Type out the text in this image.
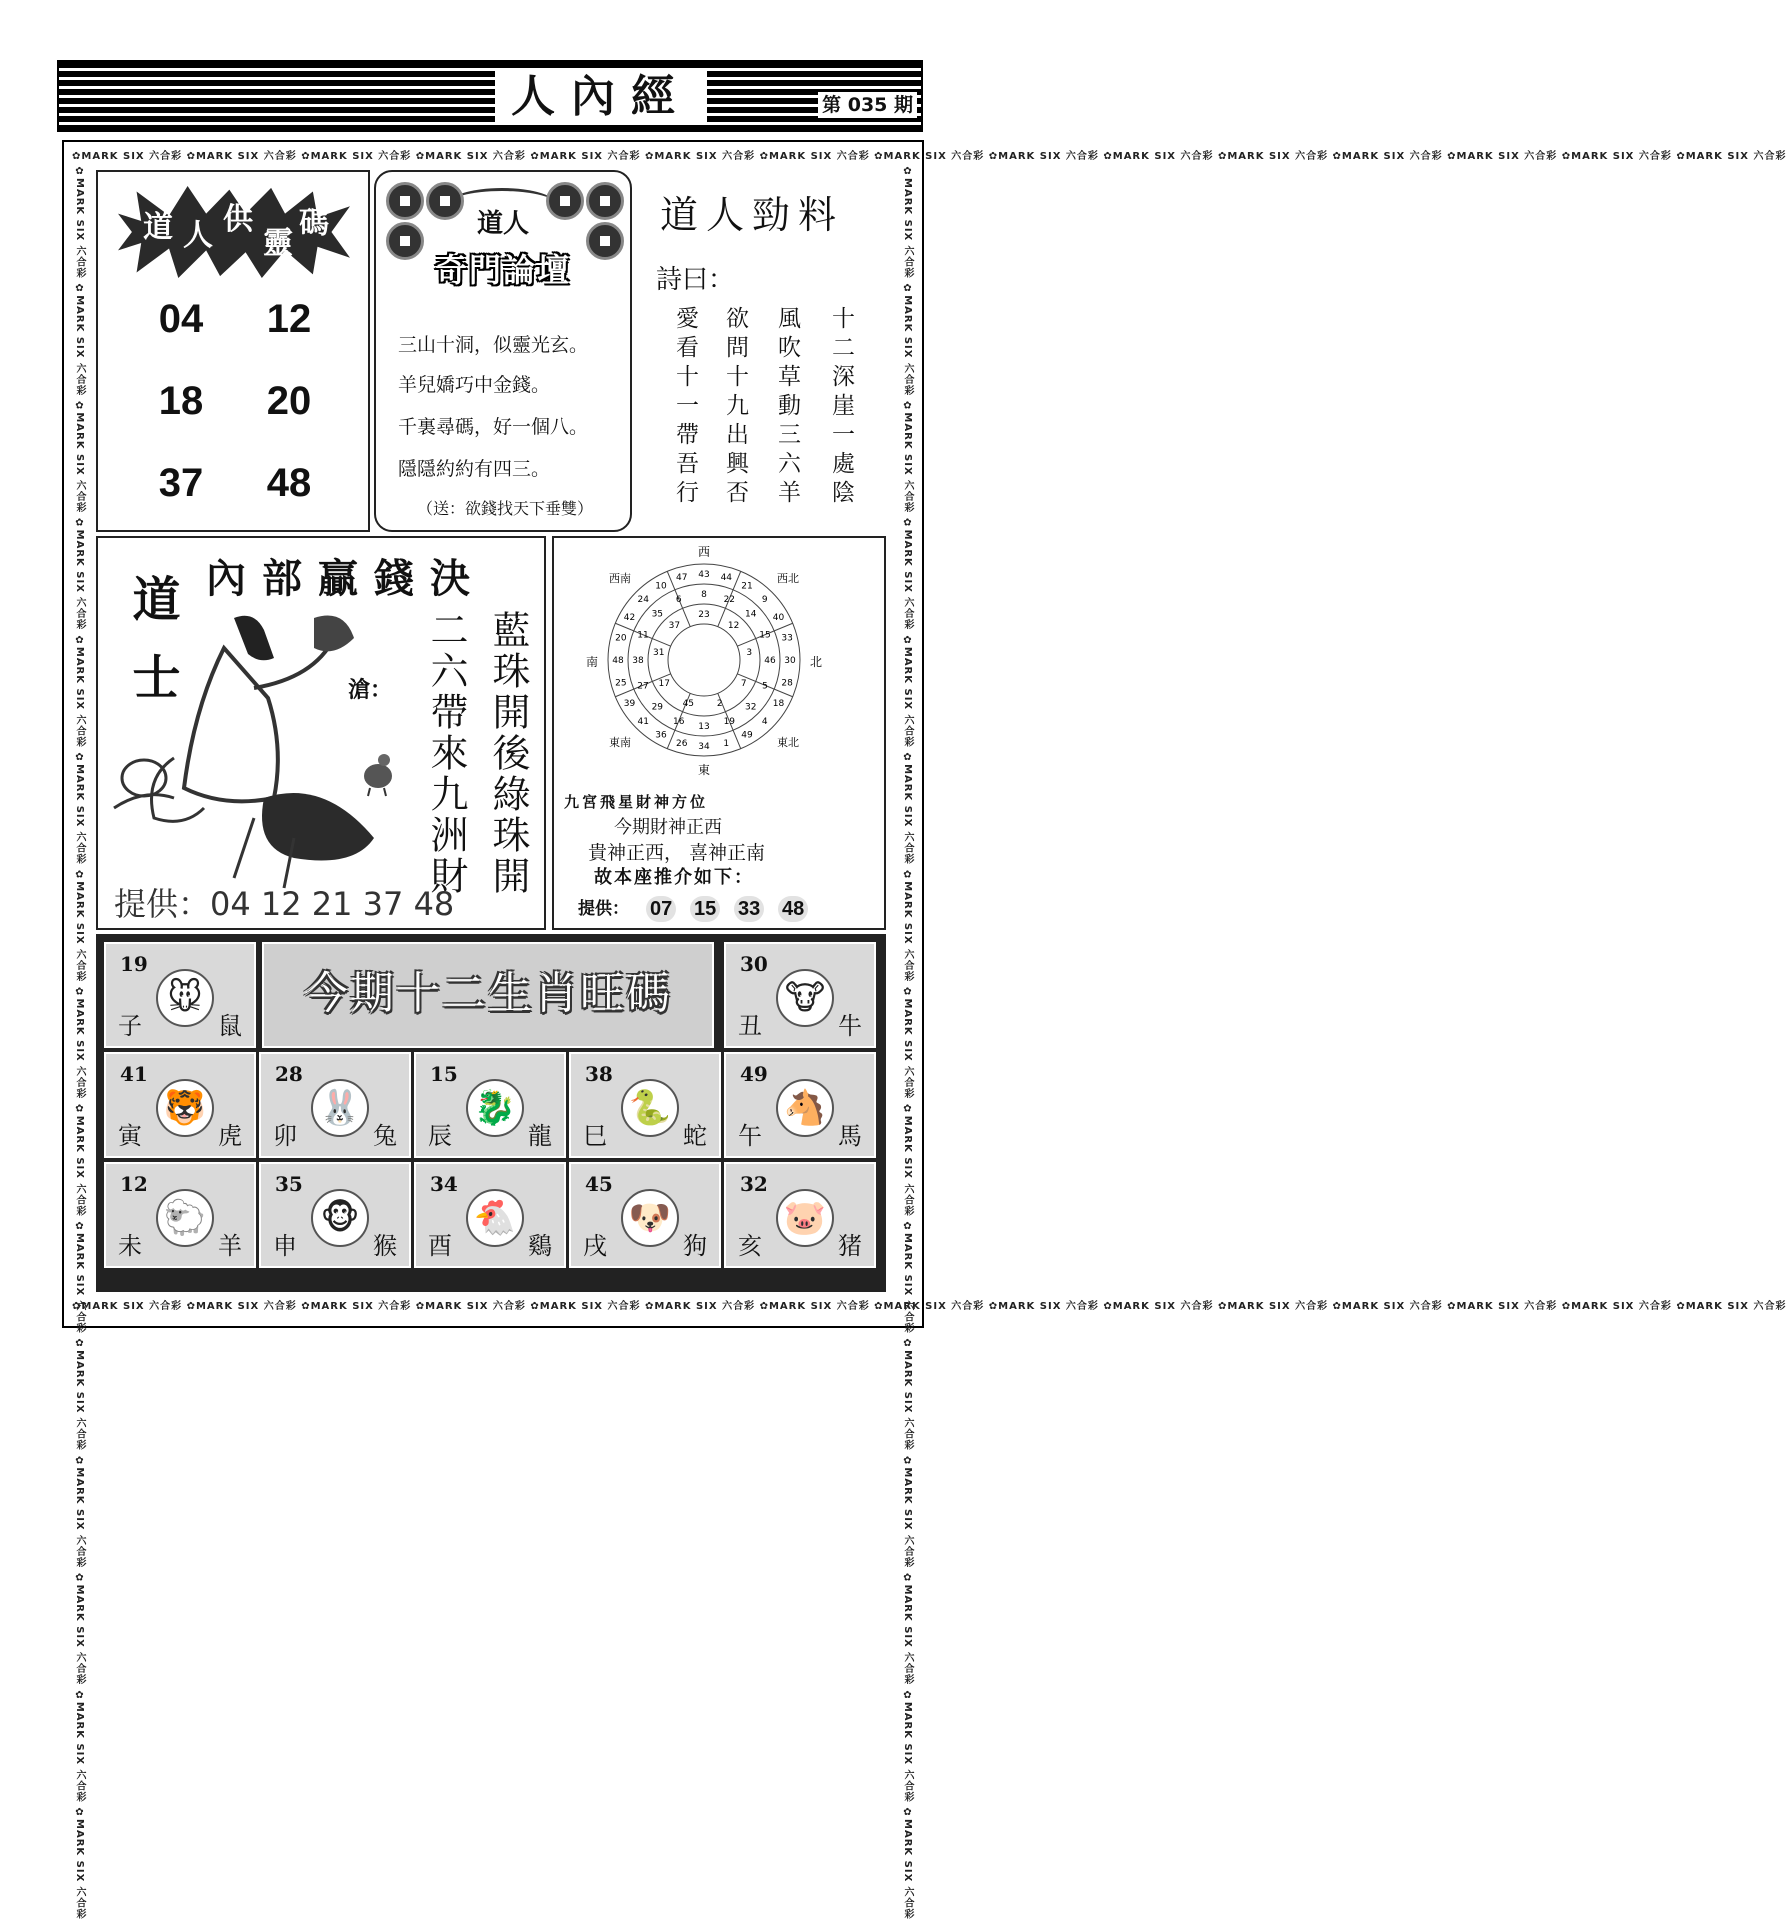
人內經	第 035 期
✿MARK SIX 六合彩 ✿MARK SIX 六合彩 ✿MARK SIX 六合彩 ✿MARK SIX 六合彩 ✿MARK SIX 六合彩 ✿MARK SIX 六合彩 ✿MARK SIX 六合彩 ✿MARK SIX 六合彩 ✿MARK SIX 六合彩 ✿MARK SIX 六合彩 ✿MARK SIX 六合彩 ✿MARK SIX 六合彩 ✿MARK SIX 六合彩 ✿MARK SIX 六合彩 ✿MARK SIX 六合彩
✿MARK SIX 六合彩 ✿MARK SIX 六合彩 ✿MARK SIX 六合彩 ✿MARK SIX 六合彩 ✿MARK SIX 六合彩 ✿MARK SIX 六合彩 ✿MARK SIX 六合彩 ✿MARK SIX 六合彩 ✿MARK SIX 六合彩 ✿MARK SIX 六合彩 ✿MARK SIX 六合彩 ✿MARK SIX 六合彩 ✿MARK SIX 六合彩 ✿MARK SIX 六合彩 ✿MARK SIX 六合彩
✿MARK SIX 六合彩 ✿MARK SIX 六合彩 ✿MARK SIX 六合彩 ✿MARK SIX 六合彩 ✿MARK SIX 六合彩 ✿MARK SIX 六合彩 ✿MARK SIX 六合彩 ✿MARK SIX 六合彩 ✿MARK SIX 六合彩 ✿MARK SIX 六合彩 ✿MARK SIX 六合彩 ✿MARK SIX 六合彩 ✿MARK SIX 六合彩 ✿MARK SIX 六合彩 ✿MARK SIX 六合彩	✿MARK SIX 六合彩 ✿MARK SIX 六合彩 ✿MARK SIX 六合彩 ✿MARK SIX 六合彩 ✿MARK SIX 六合彩 ✿MARK SIX 六合彩 ✿MARK SIX 六合彩 ✿MARK SIX 六合彩 ✿MARK SIX 六合彩 ✿MARK SIX 六合彩 ✿MARK SIX 六合彩 ✿MARK SIX 六合彩 ✿MARK SIX 六合彩 ✿MARK SIX 六合彩 ✿MARK SIX 六合彩
道 人 供
靈
碼
04	12
18	20
37	48
道人
奇門論壇
三山十洞，似靈光玄。
羊兒嬌巧中金錢。
千裏尋碼，好一個八。
隱隱約約有四三。
（送：欲錢找天下垂雙）
道人勁料
詩曰：
十二深崖一處陰
風吹草動三六羊
欲問十九出興否
愛看十一帶吾行
道士 內部贏錢決
滄： 藍珠開後綠珠開
二六帶來九洲財
提供：04 12 21 37 48
43 44
21
9
40
33
30
28
18
4
49
1
34
26
36
41
39
25
48
20
42
24
10
47
8 22
14
15
46
5
32
19
13
16
29
27
38
11
35
6
23
12
3
7
2
45
17
31
37
西
東
南	北
西南	西北
東南	東北
九宮飛星財神方位
今期財神正西
貴神正西， 喜神正南
故本座推介如下：
提供： 07 15 33 48
今期十二生肖旺碼
19
🐭
子	鼠
30
🐮
丑	牛
41
🐯
寅	虎
28
🐰
卯	兔
15
🐉
辰	龍
38
🐍
巳	蛇
49
🐴
午	馬
12
🐑
未	羊
35
🐵
申	猴
34
🐔
酉	鷄
45
🐶
戌	狗
32
🐷
亥	猪
